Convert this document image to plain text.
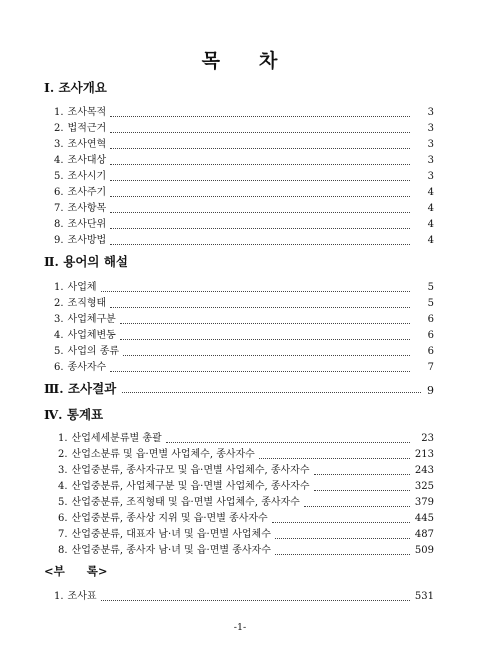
목 차
Ⅰ. 조사개요
1. 조사목적	3
2. 법적근거	3
3. 조사연혁	3
4. 조사대상	3
5. 조사시기	3
6. 조사주기	4
7. 조사항목	4
8. 조사단위	4
9. 조사방법	4
Ⅱ. 용어의 해설
1. 사업체	5
2. 조직형태	5
3. 사업체구분	6
4. 사업체변동	6
5. 사업의 종류	6
6. 종사자수	7
Ⅲ. 조사결과	9
Ⅳ. 통계표
1. 산업세세분류별 총괄	23
2. 산업소분류 및 읍·면별 사업체수, 종사자수	213
3. 산업중분류, 종사자규모 및 읍·면별 사업체수, 종사자수	243
4. 산업중분류, 사업체구분 및 읍·면별 사업체수, 종사자수	325
5. 산업중분류, 조직형태 및 읍·면별 사업체수, 종사자수	379
6. 산업중분류, 종사상 지위 및 읍·면별 종사자수	445
7. 산업중분류, 대표자 남·녀 및 읍·면별 사업체수	487
8. 산업중분류, 종사자 남·녀 및 읍·면별 종사자수	509
<부 록>
1. 조사표	531
-1-
